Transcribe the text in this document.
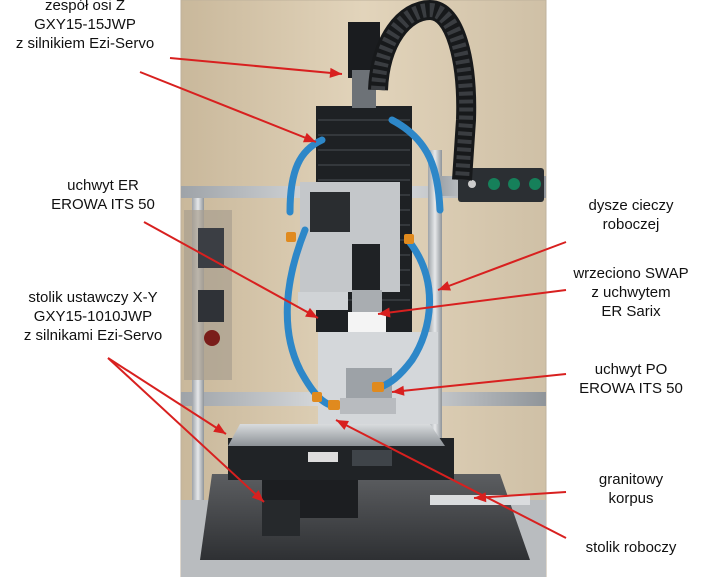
zespół osi Z
GXY15-15JWP
z silnikiem Ezi-Servo
uchwyt ER
EROWA ITS 50
stolik ustawczy X-Y
GXY15-1010JWP
z silnikami Ezi-Servo
dysze cieczy
roboczej
wrzeciono SWAP
z uchwytem
ER Sarix
uchwyt PO
EROWA ITS 50
granitowy
korpus
stolik roboczy
